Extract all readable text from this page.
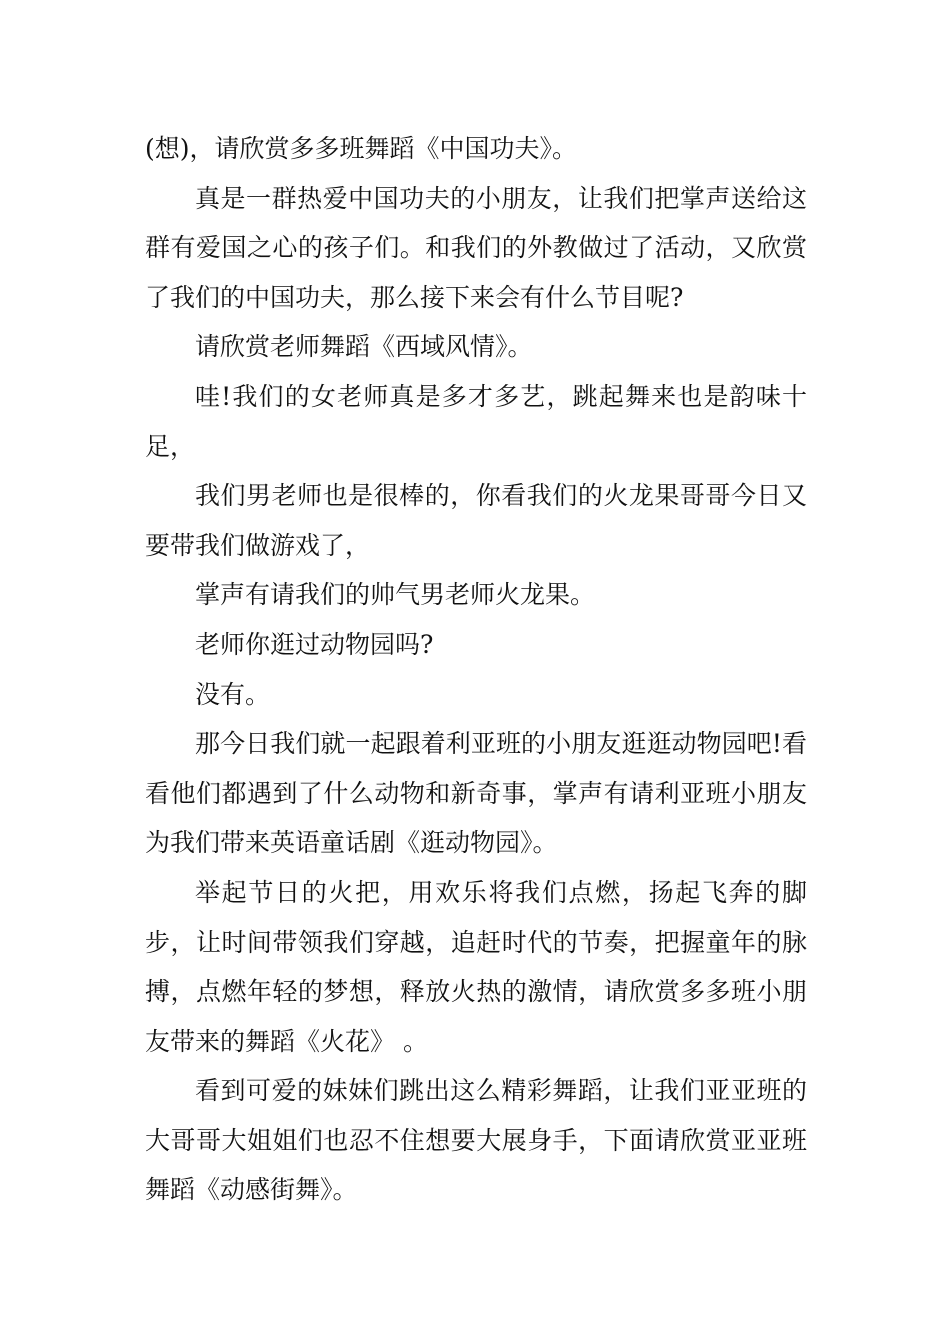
(想)，请欣赏多多班舞蹈《中国功夫》。

真是一群热爱中国功夫的小朋友，让我们把掌声送给这群有爱国之心的孩子们。和我们的外教做过了活动，又欣赏了我们的中国功夫，那么接下来会有什么节目呢?

请欣赏老师舞蹈《西域风情》。

哇!我们的女老师真是多才多艺，跳起舞来也是韵味十足，

我们男老师也是很棒的，你看我们的火龙果哥哥今日又要带我们做游戏了，

掌声有请我们的帅气男老师火龙果。

老师你逛过动物园吗?

没有。

那今日我们就一起跟着利亚班的小朋友逛逛动物园吧!看看他们都遇到了什么动物和新奇事，掌声有请利亚班小朋友为我们带来英语童话剧《逛动物园》。

举起节日的火把，用欢乐将我们点燃，扬起飞奔的脚步，让时间带领我们穿越，追赶时代的节奏，把握童年的脉搏，点燃年轻的梦想，释放火热的激情，请欣赏多多班小朋友带来的舞蹈《火花》 。

看到可爱的妹妹们跳出这么精彩舞蹈，让我们亚亚班的大哥哥大姐姐们也忍不住想要大展身手，下面请欣赏亚亚班舞蹈《动感街舞》。
